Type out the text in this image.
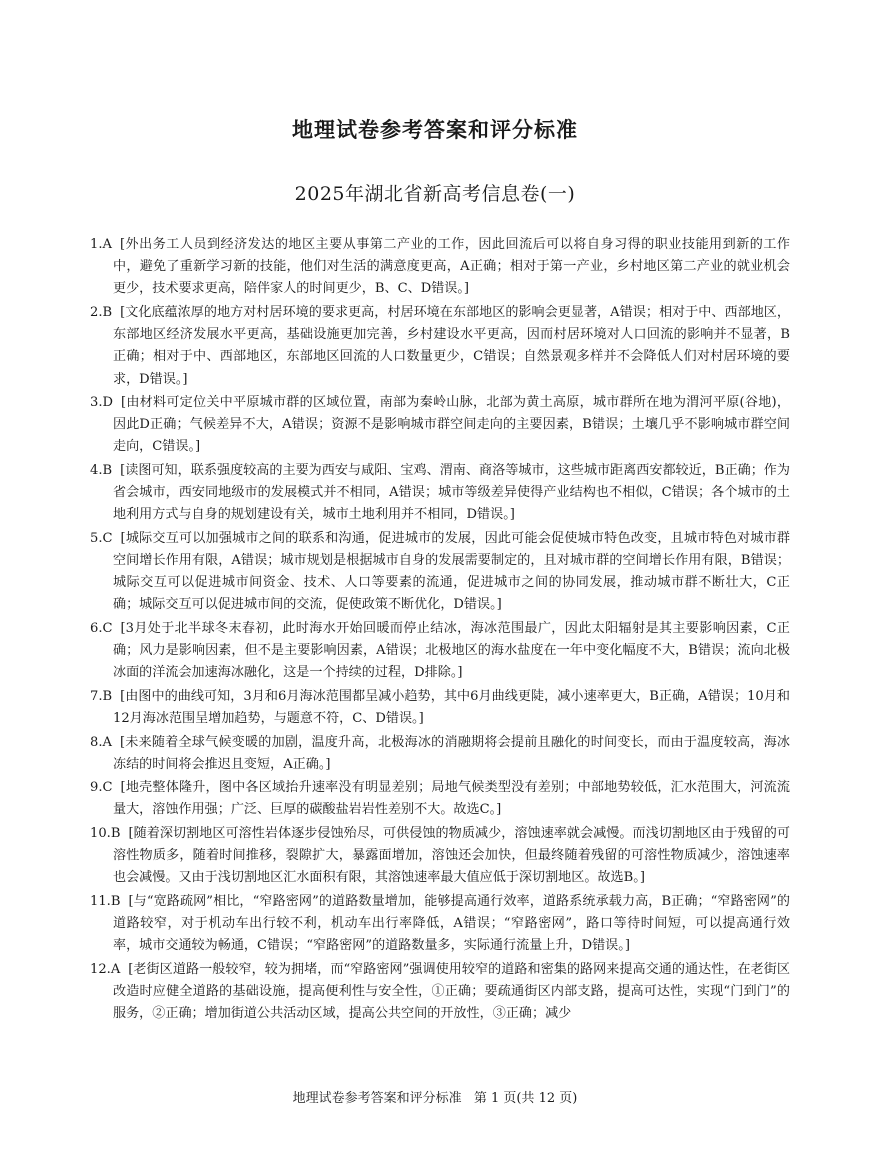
地理试卷参考答案和评分标准
2025年湖北省新高考信息卷(一)
1.A [外出务工人员到经济发达的地区主要从事第二产业的工作，因此回流后可以将自身习得的职业技能用到新的工作中，避免了重新学习新的技能，他们对生活的满意度更高，A正确；相对于第一产业，乡村地区第二产业的就业机会更少，技术要求更高，陪伴家人的时间更少，B、C、D错误。]
2.B [文化底蕴浓厚的地方对村居环境的要求更高，村居环境在东部地区的影响会更显著，A错误；相对于中、西部地区，东部地区经济发展水平更高，基础设施更加完善，乡村建设水平更高，因而村居环境对人口回流的影响并不显著，B正确；相对于中、西部地区，东部地区回流的人口数量更少，C错误；自然景观多样并不会降低人们对村居环境的要求，D错误。]
3.D [由材料可定位关中平原城市群的区域位置，南部为秦岭山脉，北部为黄土高原，城市群所在地为渭河平原(谷地)，因此D正确；气候差异不大，A错误；资源不是影响城市群空间走向的主要因素，B错误；土壤几乎不影响城市群空间走向，C错误。]
4.B [读图可知，联系强度较高的主要为西安与咸阳、宝鸡、渭南、商洛等城市，这些城市距离西安都较近，B正确；作为省会城市，西安同地级市的发展模式并不相同，A错误；城市等级差异使得产业结构也不相似，C错误；各个城市的土地利用方式与自身的规划建设有关，城市土地利用并不相同，D错误。]
5.C [城际交互可以加强城市之间的联系和沟通，促进城市的发展，因此可能会促使城市特色改变，且城市特色对城市群空间增长作用有限，A错误；城市规划是根据城市自身的发展需要制定的，且对城市群的空间增长作用有限，B错误；城际交互可以促进城市间资金、技术、人口等要素的流通，促进城市之间的协同发展，推动城市群不断壮大，C正确；城际交互可以促进城市间的交流，促使政策不断优化，D错误。]
6.C [3月处于北半球冬末春初，此时海水开始回暖而停止结冰，海冰范围最广，因此太阳辐射是其主要影响因素，C正确；风力是影响因素，但不是主要影响因素，A错误；北极地区的海水盐度在一年中变化幅度不大，B错误；流向北极冰面的洋流会加速海冰融化，这是一个持续的过程，D排除。]
7.B [由图中的曲线可知，3月和6月海冰范围都呈减小趋势，其中6月曲线更陡，减小速率更大，B正确，A错误；10月和12月海冰范围呈增加趋势，与题意不符，C、D错误。]
8.A [未来随着全球气候变暖的加剧，温度升高，北极海冰的消融期将会提前且融化的时间变长，而由于温度较高，海冰冻结的时间将会推迟且变短，A正确。]
9.C [地壳整体隆升，图中各区域抬升速率没有明显差别；局地气候类型没有差别；中部地势较低，汇水范围大，河流流量大，溶蚀作用强；广泛、巨厚的碳酸盐岩岩性差别不大。故选C。]
10.B [随着深切割地区可溶性岩体逐步侵蚀殆尽，可供侵蚀的物质减少，溶蚀速率就会减慢。而浅切割地区由于残留的可溶性物质多，随着时间推移，裂隙扩大，暴露面增加，溶蚀还会加快，但最终随着残留的可溶性物质减少，溶蚀速率也会减慢。又由于浅切割地区汇水面积有限，其溶蚀速率最大值应低于深切割地区。故选B。]
11.B [与“宽路疏网”相比，“窄路密网”的道路数量增加，能够提高通行效率，道路系统承载力高，B正确；“窄路密网”的道路较窄，对于机动车出行较不利，机动车出行率降低，A错误；“窄路密网”，路口等待时间短，可以提高通行效率，城市交通较为畅通，C错误；“窄路密网”的道路数量多，实际通行流量上升，D错误。]
12.A [老街区道路一般较窄，较为拥堵，而“窄路密网”强调使用较窄的道路和密集的路网来提高交通的通达性，在老街区改造时应健全道路的基础设施，提高便利性与安全性，①正确；要疏通街区内部支路，提高可达性，实现“门到门”的服务，②正确；增加街道公共活动区域，提高公共空间的开放性，③正确；减少
地理试卷参考答案和评分标准 第 1 页(共 12 页)
